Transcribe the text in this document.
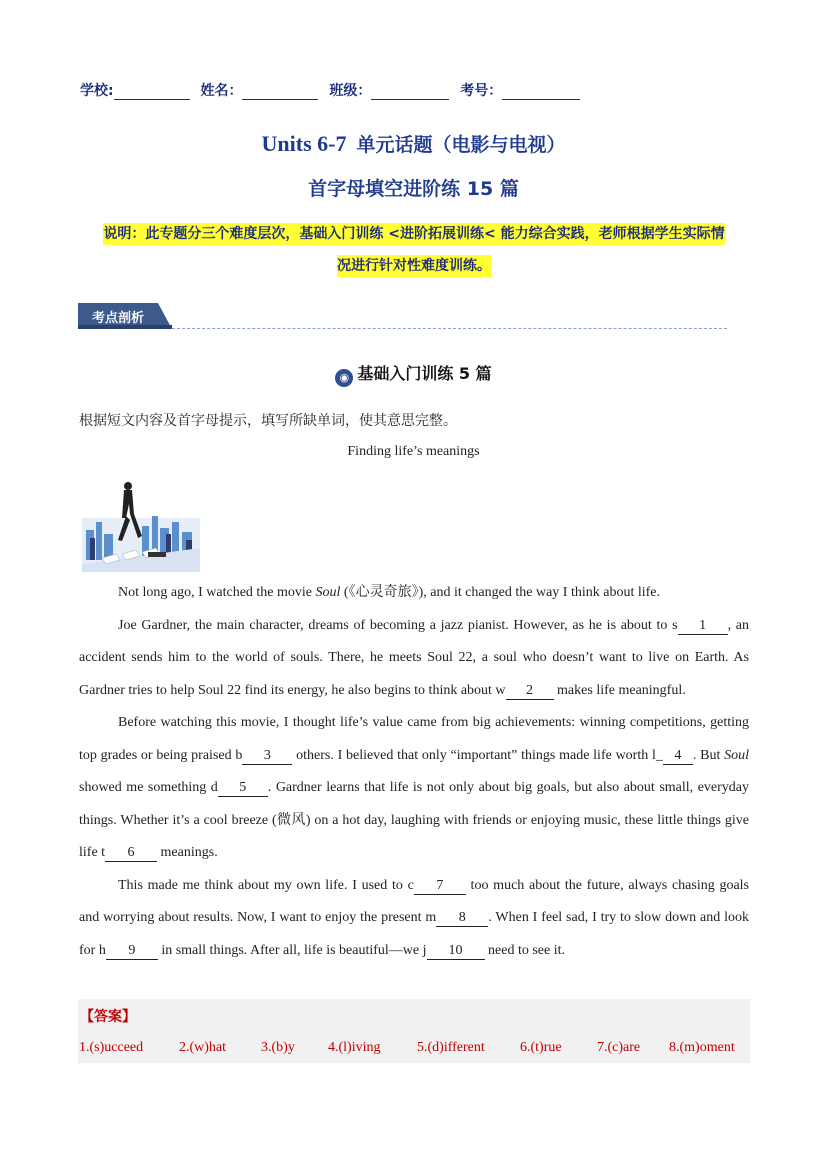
学校:	姓名：	班级：	考号：
Units 6-7 单元话题（电影与电视）
首字母填空进阶练 15 篇
说明：此专题分三个难度层次，基础入门训练 <进阶拓展训练< 能力综合实践，老师根据学生实际情
况进行针对性难度训练。
考点剖析
◉ 基础入门训练 5 篇
根据短文内容及首字母提示，填写所缺单词，使其意思完整。
Finding life’s meanings

Not long ago, I watched the movie Soul (《心灵奇旅》), and it changed the way I think about life.

Joe Gardner, the main character, dreams of becoming a jazz pianist. However, as he is about to s 1 , an accident sends him to the world of souls. There, he meets Soul 22, a soul who doesn’t want to live on Earth. As Gardner tries to help Soul 22 find its energy, he also begins to think about w 2 makes life meaningful.

Before watching this movie, I thought life’s value came from big achievements: winning competitions, getting top grades or being praised b 3 others. I believed that only “important” things made life worth l_ 4 . But Soul showed me something d 5 . Gardner learns that life is not only about big goals, but also about small, everyday things. Whether it’s a cool breeze (微风) on a hot day, laughing with friends or enjoying music, these little things give life t 6 meanings.

This made me think about my own life. I used to c 7 too much about the future, always chasing goals and worrying about results. Now, I want to enjoy the present m 8 . When I feel sad, I try to slow down and look for h 9 in small things. After all, life is beautiful—we j 10 need to see it.

【答案】
1.(s)ucceed	2.(w)hat 3.(b)y 4.(l)iving	5.(d)ifferent	6.(t)rue	7.(c)are 8.(m)oment
